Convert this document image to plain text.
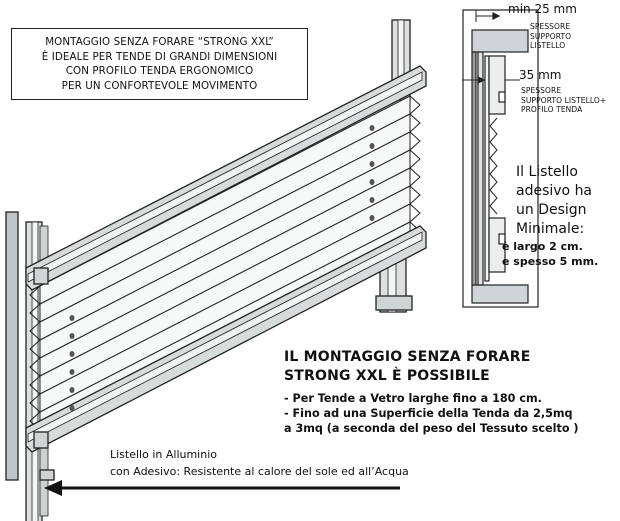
MONTAGGIO SENZA FORARE “STRONG XXL”
È IDEALE PER TENDE DI GRANDI DIMENSIONI
CON PROFILO TENDA ERGONOMICO
PER UN CONFORTEVOLE MOVIMENTO
min 25 mm
SPESSORE
SUPPORTO
LISTELLO
35 mm
SPESSORE
SUPPORTO LISTELLO+
PROFILO TENDA
Il Listello
adesivo ha
un Design
Minimale:
è largo 2 cm.
e spesso 5 mm.
IL MONTAGGIO SENZA FORARE
STRONG XXL È POSSIBILE
- Per Tende a Vetro larghe fino a 180 cm.
- Fino ad una Superficie della Tenda da 2,5mq
a 3mq (a seconda del peso del Tessuto scelto )
Listello in Alluminio
con Adesivo: Resistente al calore del sole ed all’Acqua
